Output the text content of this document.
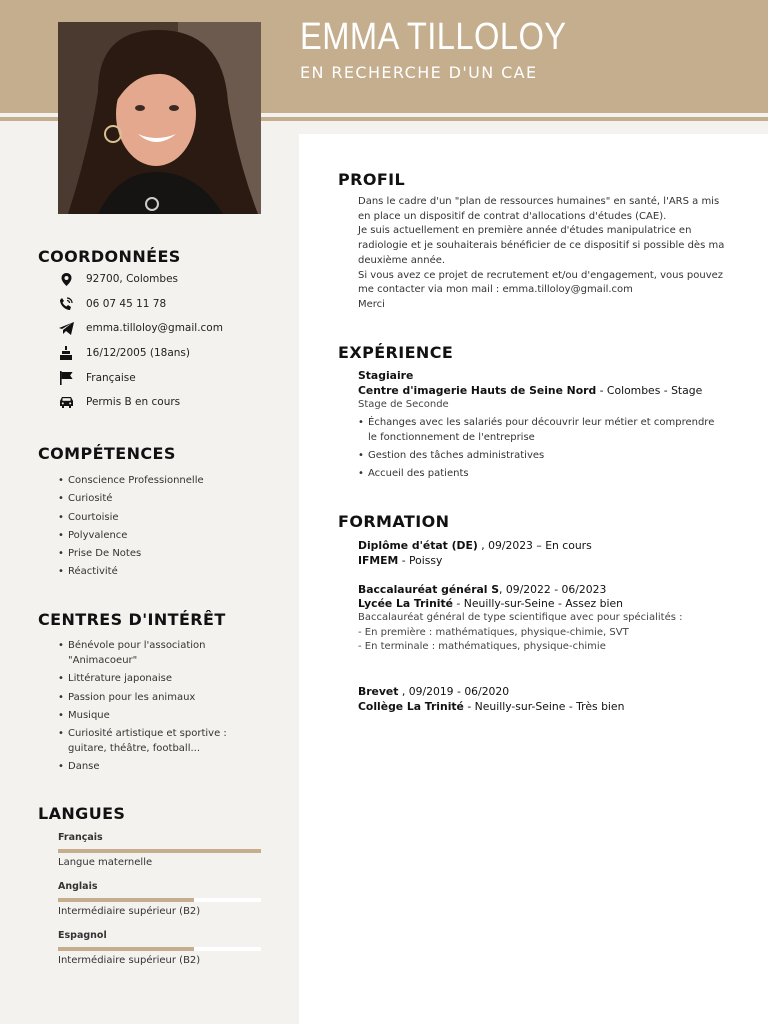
EMMA TILLOLOY
EN RECHERCHE D'UN CAE
COORDONNÉES
92700, Colombes
06 07 45 11 78
emma.tilloloy@gmail.com
16/12/2005 (18ans)
Française
Permis B en cours
COMPÉTENCES
• Conscience Professionnelle
• Curiosité
• Courtoisie
• Polyvalence
• Prise De Notes
• Réactivité
CENTRES D'INTÉRÊT
• Bénévole pour l'association "Animacoeur"
• Littérature japonaise
• Passion pour les animaux
• Musique
• Curiosité artistique et sportive : guitare, théâtre, football...
• Danse
LANGUES
Français
Langue maternelle
Anglais
Intermédiaire supérieur (B2)
Espagnol
Intermédiaire supérieur (B2)
PROFIL
Dans le cadre d'un "plan de ressources humaines" en santé, l'ARS a mis en place un dispositif de contrat d'allocations d'études (CAE).
Je suis actuellement en première année d'études manipulatrice en radiologie et je souhaiterais bénéficier de ce dispositif si possible dès ma deuxième année.
Si vous avez ce projet de recrutement et/ou d'engagement, vous pouvez me contacter via mon mail : emma.tilloloy@gmail.com
Merci
EXPÉRIENCE
Stagiaire
Centre d'imagerie Hauts de Seine Nord - Colombes - Stage
Stage de Seconde
• Échanges avec les salariés pour découvrir leur métier et comprendre le fonctionnement de l'entreprise
• Gestion des tâches administratives
• Accueil des patients
FORMATION
Diplôme d'état (DE) , 09/2023 – En cours
IFMEM - Poissy
Baccalauréat général S, 09/2022 - 06/2023
Lycée La Trinité - Neuilly-sur-Seine - Assez bien
Baccalauréat général de type scientifique avec pour spécialités :
- En première : mathématiques, physique-chimie, SVT
- En terminale : mathématiques, physique-chimie
Brevet , 09/2019 - 06/2020
Collège La Trinité - Neuilly-sur-Seine - Très bien
